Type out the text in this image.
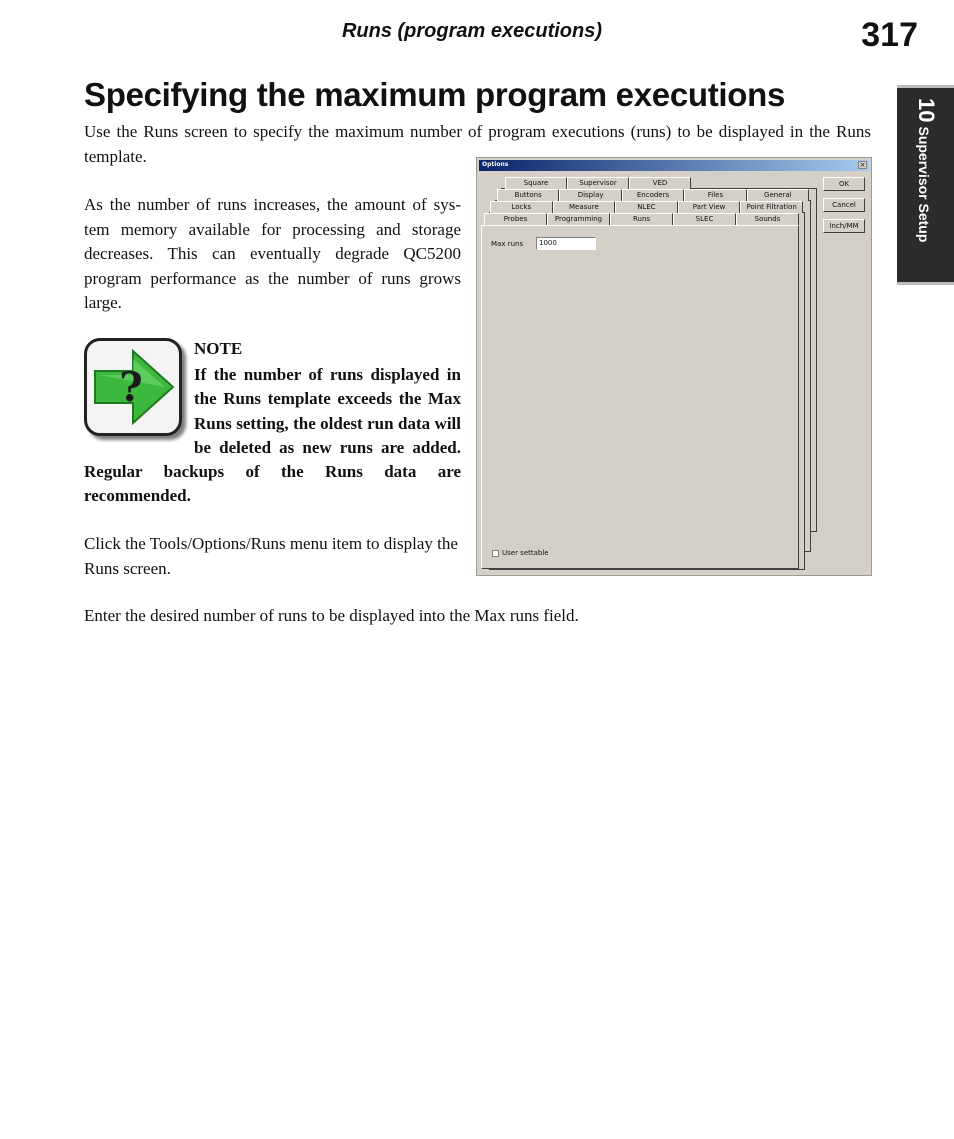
Runs (program executions)	317
10Supervisor Setup
Specifying the maximum program executions

Use the Runs screen to specify the maximum number of program executions (runs) to be displayed in the Runs template.

As the number of runs increases, the amount of sys-tem memory available for processing and storage decreases. This can eventually degrade QC5200 program performance as the number of runs grows large.

?
NOTE
If the number of runs displayed in the Runs template exceeds the Max Runs setting, the oldest run data will be deleted as new runs are added. Regular backups of the Runs data are recommended.

Click the Tools/Options/Runs menu item to display the Runs screen.

Enter the desired number of runs to be displayed into the Max runs field.

Options	×
Square	Supervisor	VED
Buttons	Display	Encoders	Files	General
Locks	Measure	NLEC	Part View	Point Filtration
Probes	Programming	Runs	SLEC	Sounds
Max runs	1000
User settable
OK
Cancel
Inch/MM
